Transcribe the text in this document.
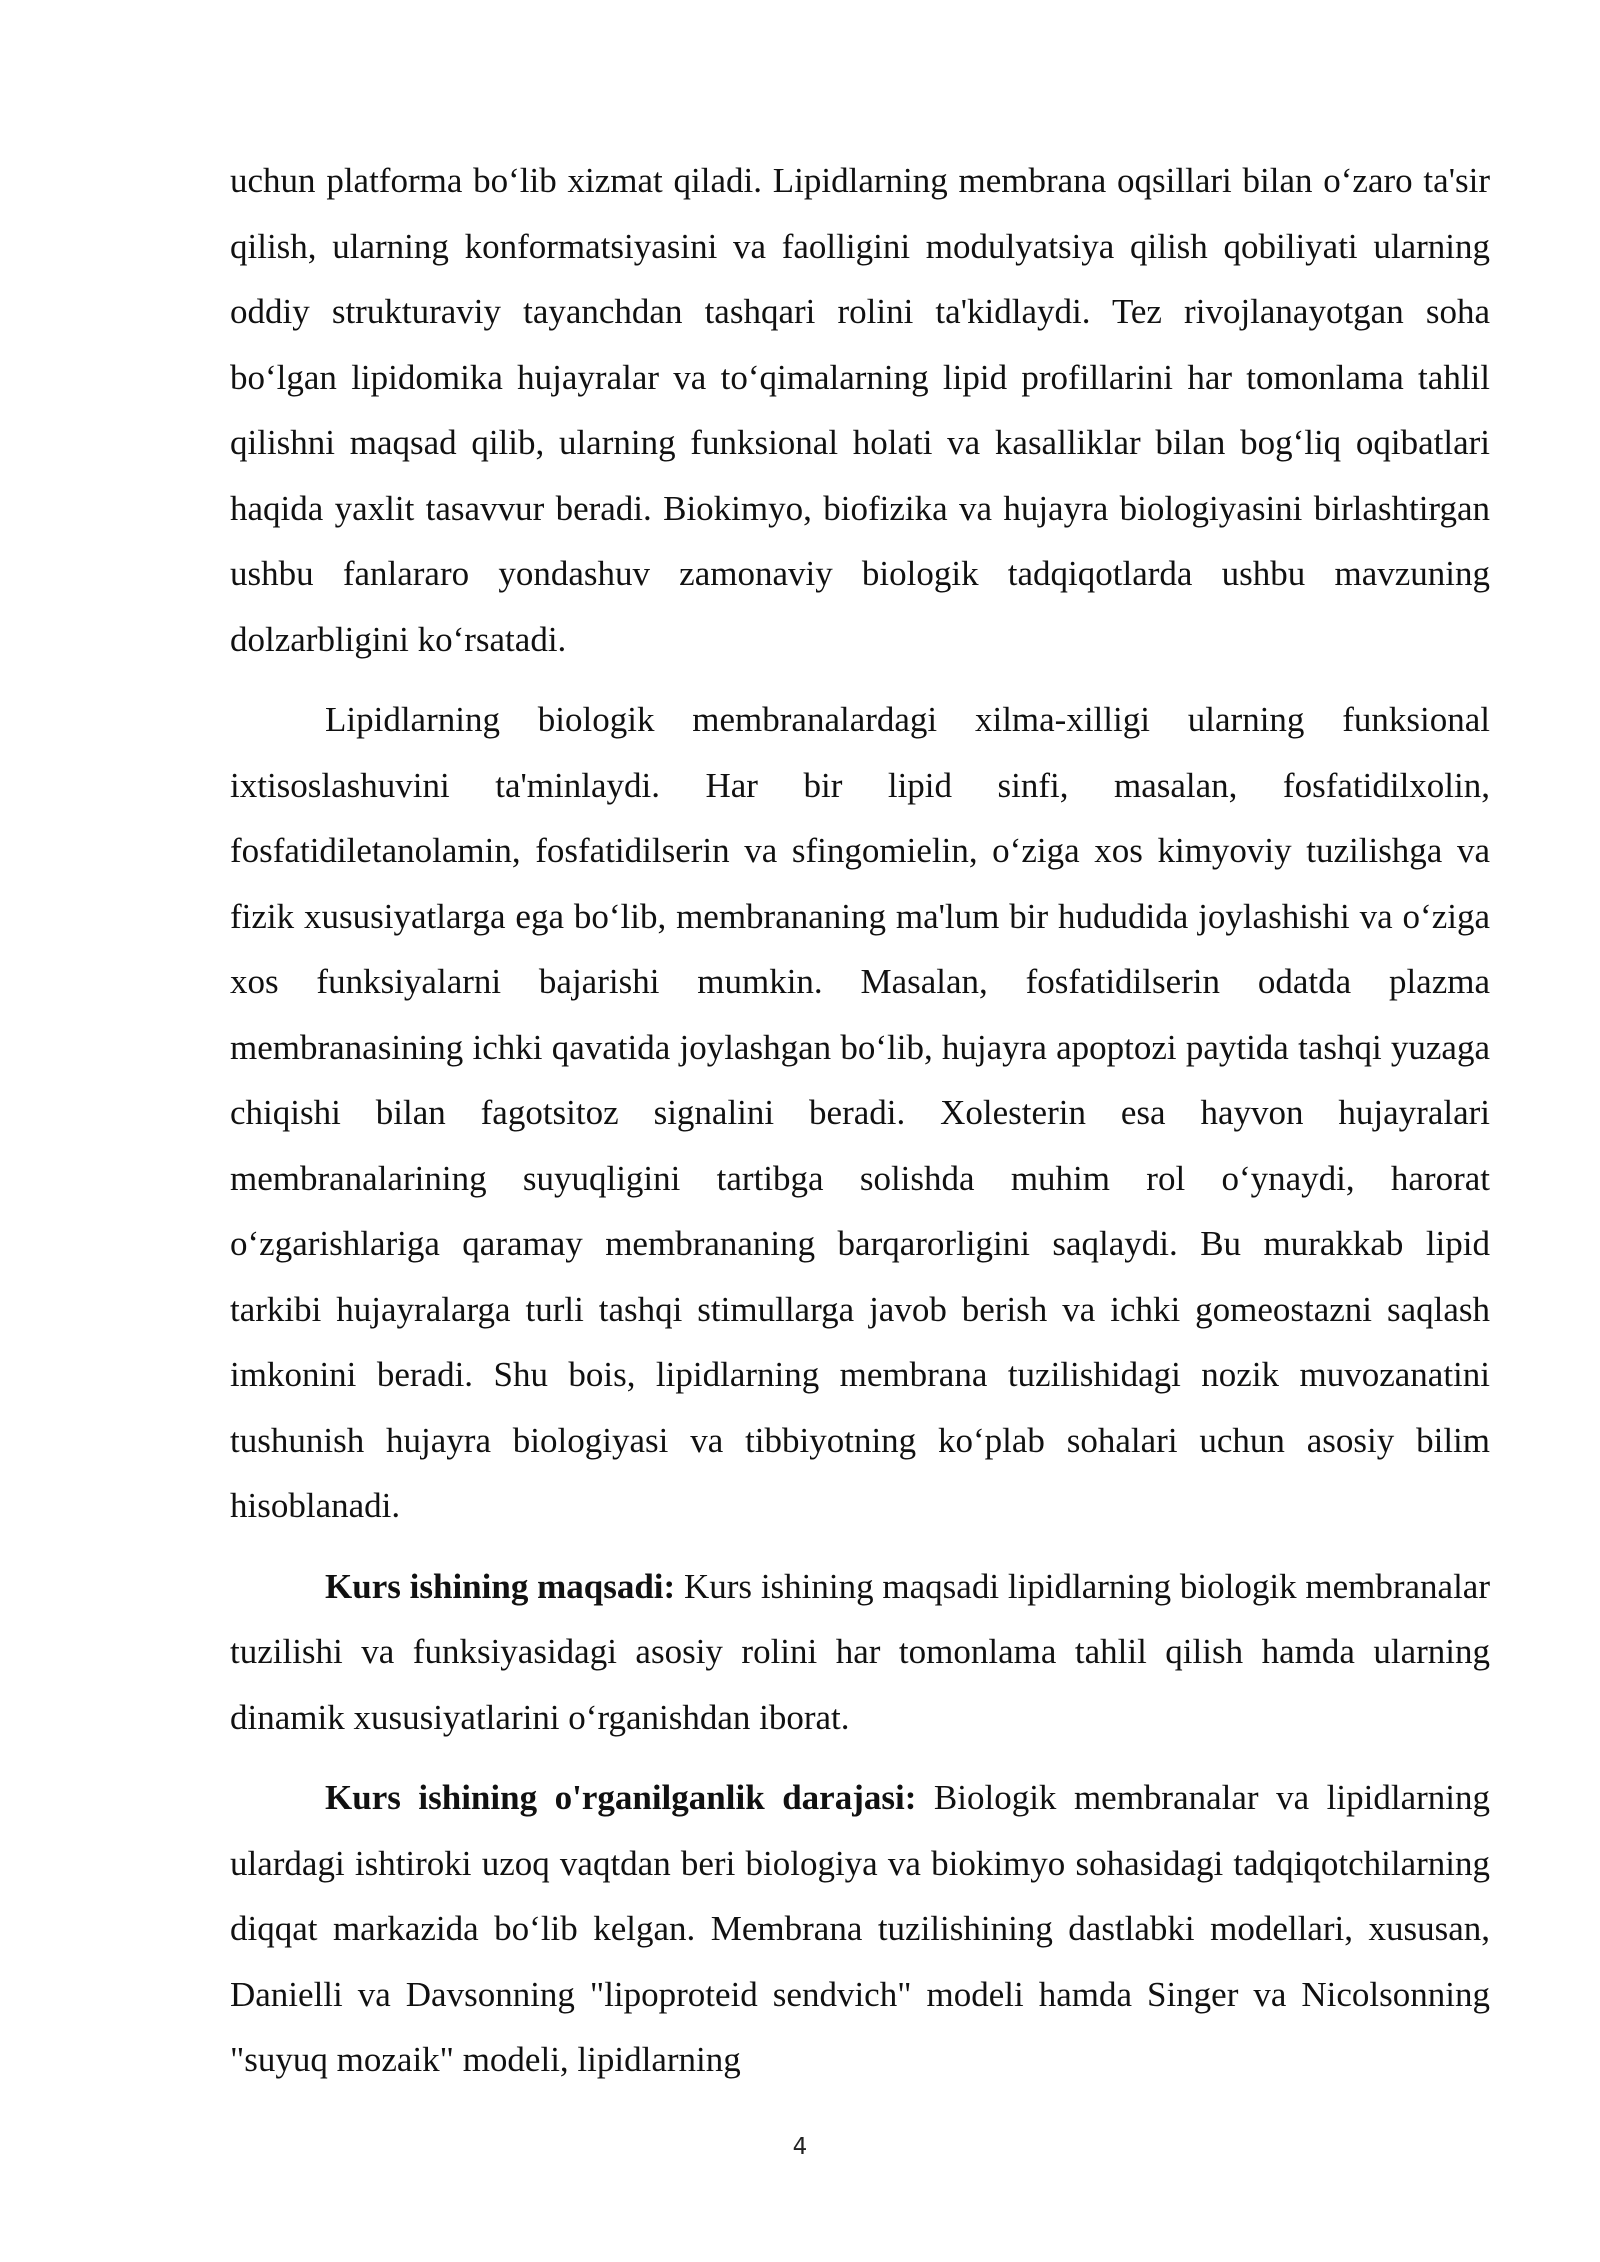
uchun platforma bo‘lib xizmat qiladi. Lipidlarning membrana oqsillari bilan o‘zaro ta'sir qilish, ularning konformatsiyasini va faolligini modulyatsiya qilish qobiliyati ularning oddiy strukturaviy tayanchdan tashqari rolini ta'kidlaydi. Tez rivojlanayotgan soha bo‘lgan lipidomika hujayralar va to‘qimalarning lipid profillarini har tomonlama tahlil qilishni maqsad qilib, ularning funksional holati va kasalliklar bilan bog‘liq oqibatlari haqida yaxlit tasavvur beradi. Biokimyo, biofizika va hujayra biologiyasini birlashtirgan ushbu fanlararo yondashuv zamonaviy biologik tadqiqotlarda ushbu mavzuning dolzarbligini ko‘rsatadi.

Lipidlarning biologik membranalardagi xilma-xilligi ularning funksional ixtisoslashuvini ta'minlaydi. Har bir lipid sinfi, masalan, fosfatidilxolin, fosfatidiletanolamin, fosfatidilserin va sfingomielin, o‘ziga xos kimyoviy tuzilishga va fizik xususiyatlarga ega bo‘lib, membrananing ma'lum bir hududida joylashishi va o‘ziga xos funksiyalarni bajarishi mumkin. Masalan, fosfatidilserin odatda plazma membranasining ichki qavatida joylashgan bo‘lib, hujayra apoptozi paytida tashqi yuzaga chiqishi bilan fagotsitoz signalini beradi. Xolesterin esa hayvon hujayralari membranalarining suyuqligini tartibga solishda muhim rol o‘ynaydi, harorat o‘zgarishlariga qaramay membrananing barqarorligini saqlaydi. Bu murakkab lipid tarkibi hujayralarga turli tashqi stimullarga javob berish va ichki gomeostazni saqlash imkonini beradi. Shu bois, lipidlarning membrana tuzilishidagi nozik muvozanatini tushunish hujayra biologiyasi va tibbiyotning ko‘plab sohalari uchun asosiy bilim hisoblanadi.

Kurs ishining maqsadi: Kurs ishining maqsadi lipidlarning biologik membranalar tuzilishi va funksiyasidagi asosiy rolini har tomonlama tahlil qilish hamda ularning dinamik xususiyatlarini o‘rganishdan iborat.

Kurs ishining o'rganilganlik darajasi: Biologik membranalar va lipidlarning ulardagi ishtiroki uzoq vaqtdan beri biologiya va biokimyo sohasidagi tadqiqotchilarning diqqat markazida bo‘lib kelgan. Membrana tuzilishining dastlabki modellari, xususan, Danielli va Davsonning "lipoproteid sendvich" modeli hamda Singer va Nicolsonning "suyuq mozaik" modeli, lipidlarning

4
